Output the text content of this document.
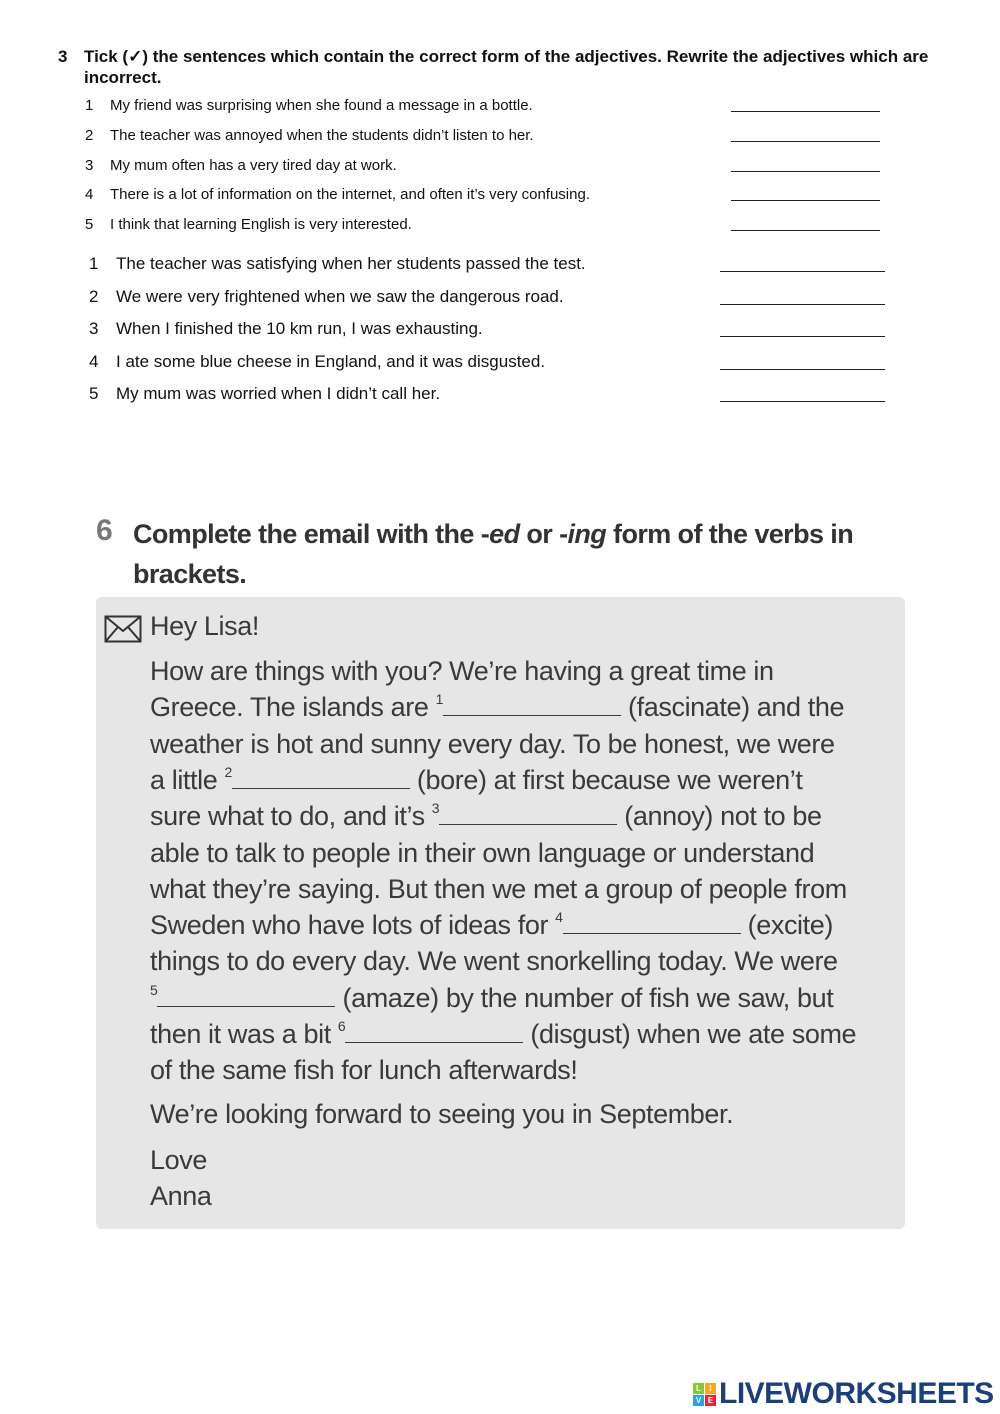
3 Tick (✓) the sentences which contain the correct form of the adjectives. Rewrite the adjectives which are incorrect.
1 My friend was surprising when she found a message in a bottle.
2 The teacher was annoyed when the students didn’t listen to her.
3 My mum often has a very tired day at work.
4 There is a lot of information on the internet, and often it’s very confusing.
5 I think that learning English is very interested.
1 The teacher was satisfying when her students passed the test.
2 We were very frightened when we saw the dangerous road.
3 When I finished the 10 km run, I was exhausting.
4 I ate some blue cheese in England, and it was disgusted.
5 My mum was worried when I didn’t call her.
6 Complete the email with the -ed or -ing form of the verbs in
brackets.
Hey Lisa!
How are things with you? We’re having a great time in
Greece. The islands are $^1$	(fascinate) and the
weather is hot and sunny every day. To be honest, we were
a little $^2$	(bore) at first because we weren’t
sure what to do, and it’s $^3$	(annoy) not to be
able to talk to people in their own language or understand
what they’re saying. But then we met a group of people from
Sweden who have lots of ideas for $^4$	(excite)
things to do every day. We went snorkelling today. We were
$^5$	(amaze) by the number of fish we saw, but
then it was a bit $^6$	(disgust) when we ate some
of the same fish for lunch afterwards!
We’re looking forward to seeing you in September.
Love
Anna
L	I
V E LIVEWORKSHEETS
